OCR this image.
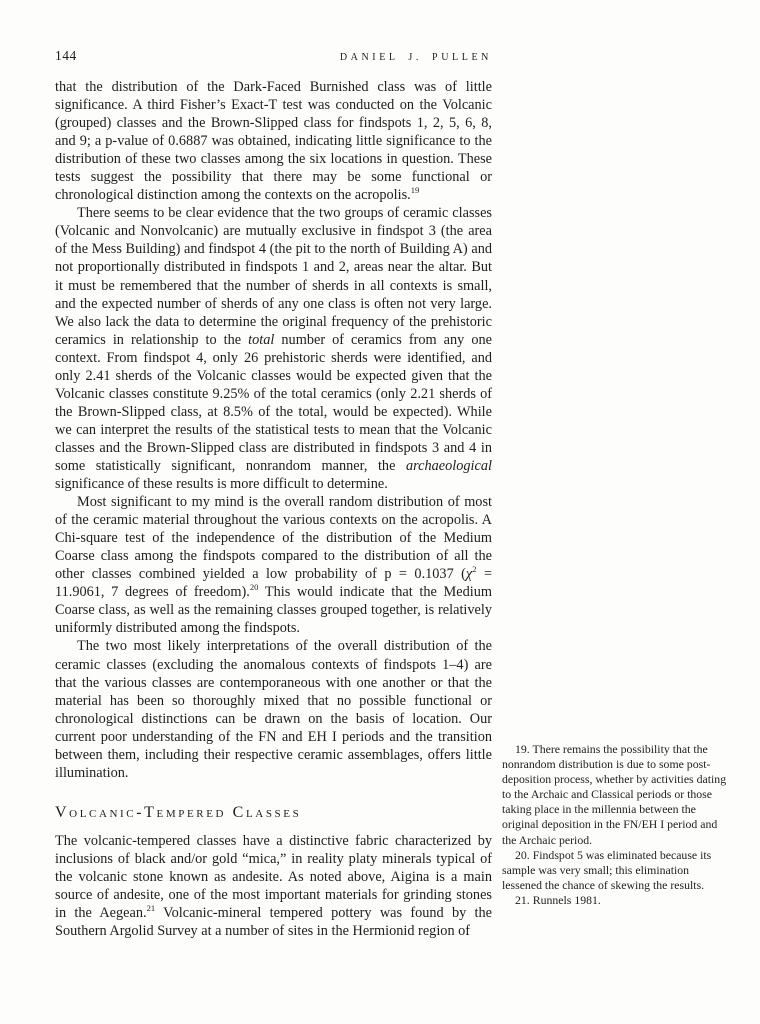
144	DANIEL J. PULLEN

that the distribution of the Dark-Faced Burnished class was of little significance. A third Fisher’s Exact-T test was conducted on the Volcanic (grouped) classes and the Brown-Slipped class for findspots 1, 2, 5, 6, 8, and 9; a p-value of 0.6887 was obtained, indicating little significance to the distribution of these two classes among the six locations in question. These tests suggest the possibility that there may be some functional or chronological distinction among the contexts on the acropolis.$^{19}$

There seems to be clear evidence that the two groups of ceramic classes (Volcanic and Nonvolcanic) are mutually exclusive in findspot 3 (the area of the Mess Building) and findspot 4 (the pit to the north of Building A) and not proportionally distributed in findspots 1 and 2, areas near the altar. But it must be remembered that the number of sherds in all contexts is small, and the expected number of sherds of any one class is often not very large. We also lack the data to determine the original frequency of the prehistoric ceramics in relationship to the total number of ceramics from any one context. From findspot 4, only 26 prehistoric sherds were identified, and only 2.41 sherds of the Volcanic classes would be expected given that the Volcanic classes constitute 9.25% of the total ceramics (only 2.21 sherds of the Brown-Slipped class, at 8.5% of the total, would be expected). While we can interpret the results of the statistical tests to mean that the Volcanic classes and the Brown-Slipped class are distributed in findspots 3 and 4 in some statistically significant, nonrandom manner, the archaeological significance of these results is more difficult to determine.

Most significant to my mind is the overall random distribution of most of the ceramic material throughout the various contexts on the acropolis. A Chi-square test of the independence of the distribution of the Medium Coarse class among the findspots compared to the distribution of all the other classes combined yielded a low probability of p = 0.1037 ($\chi^2 = 11.9061$, 7 degrees of freedom).$^{20}$ This would indicate that the Medium Coarse class, as well as the remaining classes grouped together, is relatively uniformly distributed among the findspots.

The two most likely interpretations of the overall distribution of the ceramic classes (excluding the anomalous contexts of findspots 1–4) are that the various classes are contemporaneous with one another or that the material has been so thoroughly mixed that no possible functional or chronological distinctions can be drawn on the basis of location. Our current poor understanding of the FN and EH I periods and the transition between them, including their respective ceramic assemblages, offers little illumination.

Volcanic-Tempered Classes

The volcanic-tempered classes have a distinctive fabric characterized by inclusions of black and/or gold “mica,” in reality platy minerals typical of the volcanic stone known as andesite. As noted above, Aigina is a main source of andesite, one of the most important materials for grinding stones in the Aegean.$^{21}$ Volcanic-mineral tempered pottery was found by the Southern Argolid Survey at a number of sites in the Hermionid region of

19. There remains the possibility that the nonrandom distribution is due to some post-deposition process, whether by activities dating to the Archaic and Classical periods or those taking place in the millennia between the original deposition in the FN/EH I period and the Archaic period.

20. Findspot 5 was eliminated because its sample was very small; this elimination lessened the chance of skewing the results.

21. Runnels 1981.
